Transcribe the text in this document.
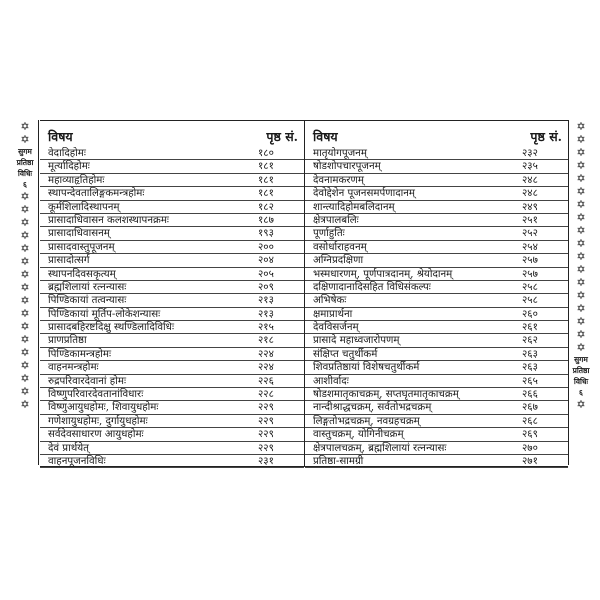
✡
✡
सुगम
प्रतिष्ठा
विधिः
६
✡
✡
✡
✡
✡
✡
✡
✡
✡
✡
✡
✡
✡
✡
✡
✡
✡
विषय	पृष्ठ सं.
वेदादिहोमः	१८०
मूर्त्यादिहोमः	१८१
महाव्याहृतिहोमः	१८१
स्थापन्देवतालिङ्गकमन्त्रहोमः	१८१
कूर्मशिलादिस्थापनम्	१८२
प्रासादाधिवासन कलशस्थापनक्रमः	१८७
प्रासादाधिवासनम्	१९३
प्रासादवास्तुपूजनम्	२००
प्रासादोत्सर्ग	२०४
स्थापनदिवसकृत्यम्	२०५
ब्रह्मशिलायां रत्नन्यासः	२०९
पिण्डिकायां तत्वन्यासः	२१३
पिण्डिकायां मूर्तिप-लोकेशन्यासः	२१३
प्रासादबहिरष्टदिक्षु स्थण्डिलादिविधिः	२१५
प्राणप्रतिष्ठा	२१८
पिण्डिकामन्त्रहोमः	२२४
वाहनमन्त्रहोमः	२२४
रुद्रपरिवारदेवानां होमः	२२६
विष्णुपरिवारदेवतानांविधारः	२२८
विष्णुआयुधहोमः, शिवायुधहोमः	२२९
गणेशायुधहोमः, दुर्गायुधहोमः	२२९
सर्वदेवसाधारण आयुधहोमः	२२९
देवं प्रार्थयेत्	२२९
वाहनपूजनविधिः	२३१
विषय	पृष्ठ सं.
मातृयोगपूजनम्	२३२
षोडशोपचारपूजनम्	२३५
देवनामकरणम्	२४८
देवोद्देशेन पूजनसमर्पणादानम्	२४८
शान्त्यादिहोमबलिदानम्	२४९
क्षेत्रपालबलिः	२५१
पूर्णाहुतिः	२५२
वसोर्धाराहवनम्	२५४
अग्निप्रदक्षिणा	२५७
भस्मधारणम्, पूर्णपात्रदानम्, श्रेयोदानम्	२५७
दक्षिणादानादिसहित विधिसंकल्पः	२५८
अभिषेकः	२५८
क्षमाप्रार्थना	२६०
देवविसर्जनम्	२६१
प्रासादे महाध्वजारोपणम्	२६२
संक्षिप्त चतुर्थीकर्म	२६३
शिवप्रतिष्ठायां विशेषचतुर्थीकर्म	२६३
आशीर्वादः	२६५
षोडशमातृकाचक्रम्, सप्तघृतमातृकाचक्रम्	२६६
नान्दीश्राद्धचक्रम्, सर्वतोभद्रचक्रम्	२६७
लिङ्गतोभद्रचक्रम्, नवग्रहचक्रम्	२६८
वास्तुचक्रम्, योगिनीचक्रम्	२६९
क्षेत्रपालचक्रम्, ब्रह्मशिलायां रत्नन्यासः	२७०
प्रतिष्ठा-सामग्री	२७१
✡
✡
✡
✡
✡
✡
✡
✡
✡
✡
✡
✡
✡
✡
✡
✡
✡
✡
सुगम
प्रतिष्ठा
विधिः
६
✡
